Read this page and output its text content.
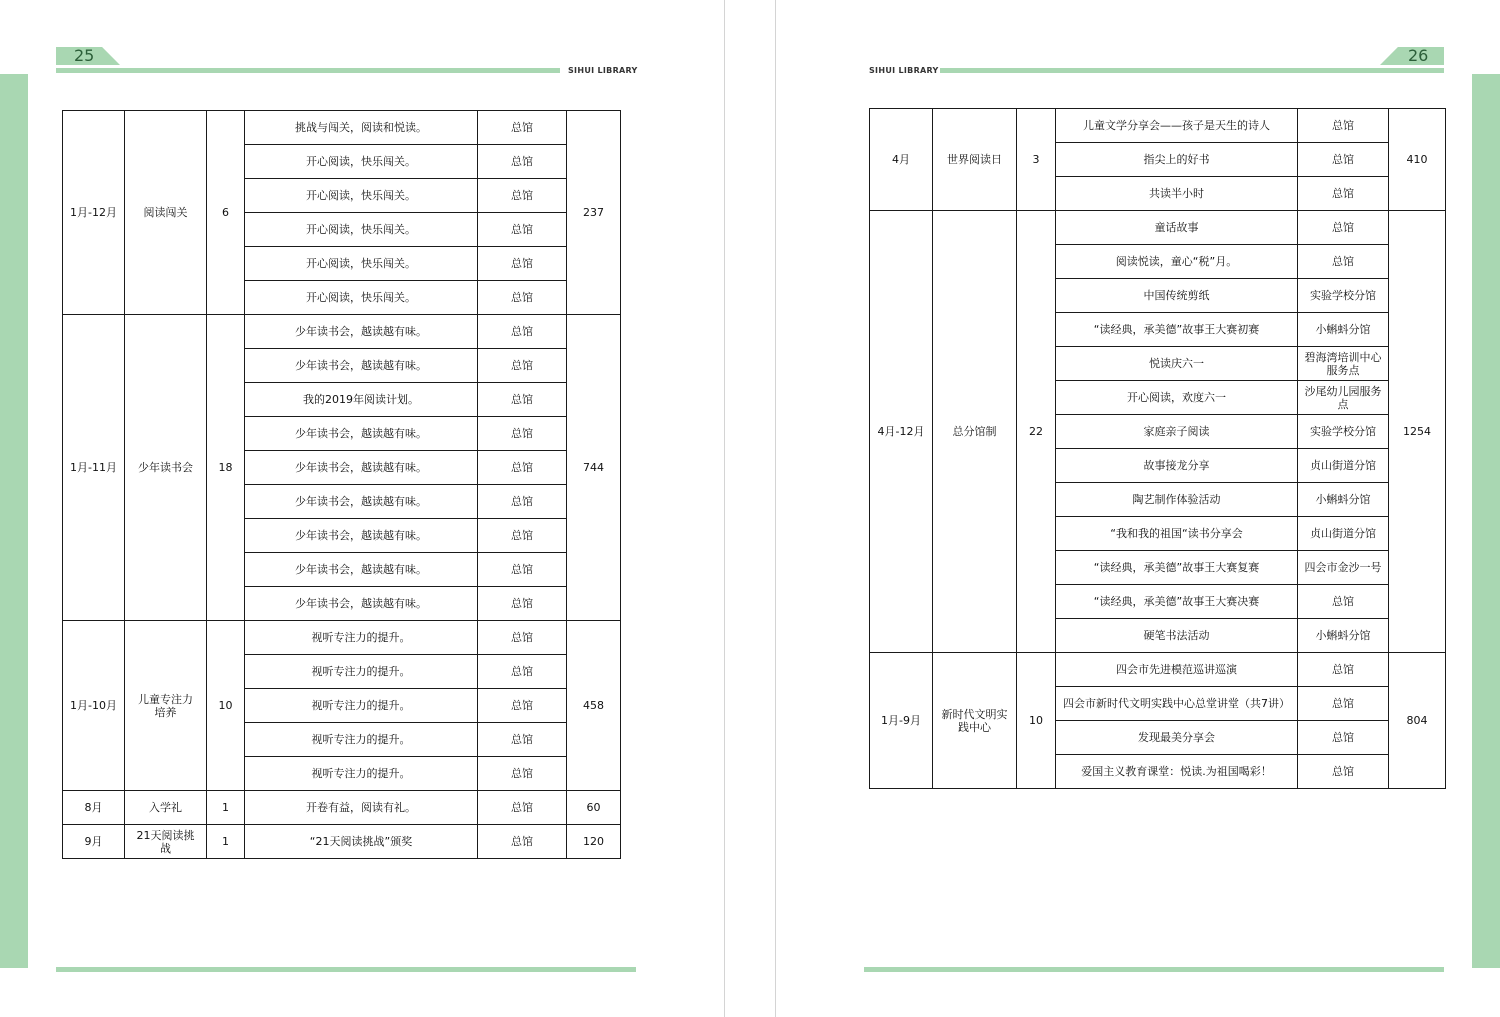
25
SIHUI LIBRARY
1月-12月	阅读闯关	6	挑战与闯关，阅读和悦读。	总馆	237
			开心阅读，快乐闯关。	总馆	
			开心阅读，快乐闯关。	总馆	
			开心阅读，快乐闯关。	总馆	
			开心阅读，快乐闯关。	总馆	
			开心阅读，快乐闯关。	总馆	
1月-11月	少年读书会	18	少年读书会，越读越有味。	总馆	744
			少年读书会，越读越有味。	总馆	
			我的2019年阅读计划。	总馆	
			少年读书会，越读越有味。	总馆	
			少年读书会，越读越有味。	总馆	
			少年读书会，越读越有味。	总馆	
			少年读书会，越读越有味。	总馆	
			少年读书会，越读越有味。	总馆	
			少年读书会，越读越有味。	总馆	
1月-10月	儿童专注力培养	10	视听专注力的提升。	总馆	458
			视听专注力的提升。	总馆	
			视听专注力的提升。	总馆	
			视听专注力的提升。	总馆	
			视听专注力的提升。	总馆	
8月	入学礼	1	开卷有益，阅读有礼。	总馆	60
9月	21天阅读挑战	1	“21天阅读挑战”颁奖	总馆	120
SIHUI LIBRARY
26
4月	世界阅读日	3	儿童文学分享会——孩子是天生的诗人	总馆	410
			指尖上的好书	总馆	
			共读半小时	总馆	
4月-12月	总分馆制	22	童话故事	总馆	1254
			阅读悦读，童心“税”月。	总馆	
			中国传统剪纸	实验学校分馆	
			“读经典，承美德”故事王大赛初赛	小蝌蚪分馆	
			悦读庆六一	碧海湾培训中心服务点	
			开心阅读，欢度六一	沙尾幼儿园服务点	
			家庭亲子阅读	实验学校分馆	
			故事接龙分享	贞山街道分馆	
			陶艺制作体验活动	小蝌蚪分馆	
			“我和我的祖国“读书分享会	贞山街道分馆	
			“读经典，承美德”故事王大赛复赛	四会市金沙一号	
			“读经典，承美德”故事王大赛决赛	总馆	
			硬笔书法活动	小蝌蚪分馆	
1月-9月	新时代文明实践中心	10	四会市先进模范巡讲巡演	总馆	804
			四会市新时代文明实践中心总堂讲堂（共7讲）	总馆	
			发现最美分享会	总馆	
			爱国主义教育课堂：悦读.为祖国喝彩！	总馆	
